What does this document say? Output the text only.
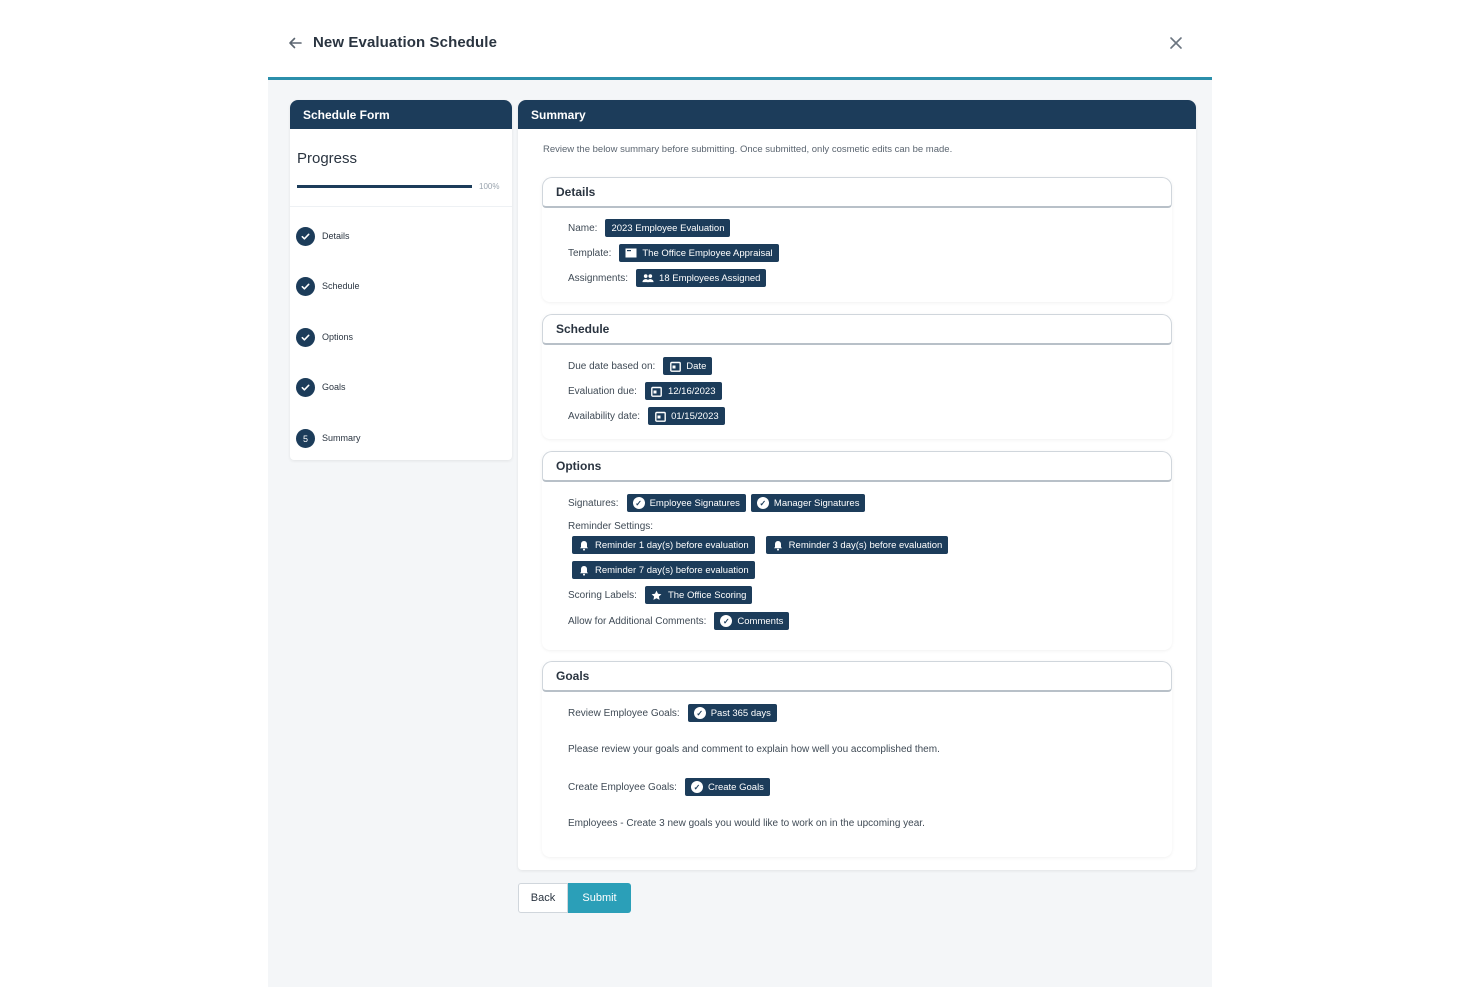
New Evaluation Schedule
Schedule Form
Progress
100%
Details
Schedule
Options
Goals
5	Summary
Summary
Review the below summary before submitting. Once submitted, only cosmetic edits can be made.
Details
Name: 2023 Employee Evaluation
Template:	The Office Employee Appraisal
Assignments:	18 Employees Assigned
Schedule
Due date based on:	Date
Evaluation due:	12/16/2023
Availability date:	01/15/2023
Options
Signatures:	✓ Employee Signatures	✓ Manager Signatures
Reminder Settings:
Reminder 1 day(s) before evaluation	Reminder 3 day(s) before evaluation
Reminder 7 day(s) before evaluation
Scoring Labels:	The Office Scoring
Allow for Additional Comments:	✓ Comments
Goals
Review Employee Goals:	✓ Past 365 days
Please review your goals and comment to explain how well you accomplished them.
Create Employee Goals:	✓ Create Goals
Employees - Create 3 new goals you would like to work on in the upcoming year.
Back	Submit
